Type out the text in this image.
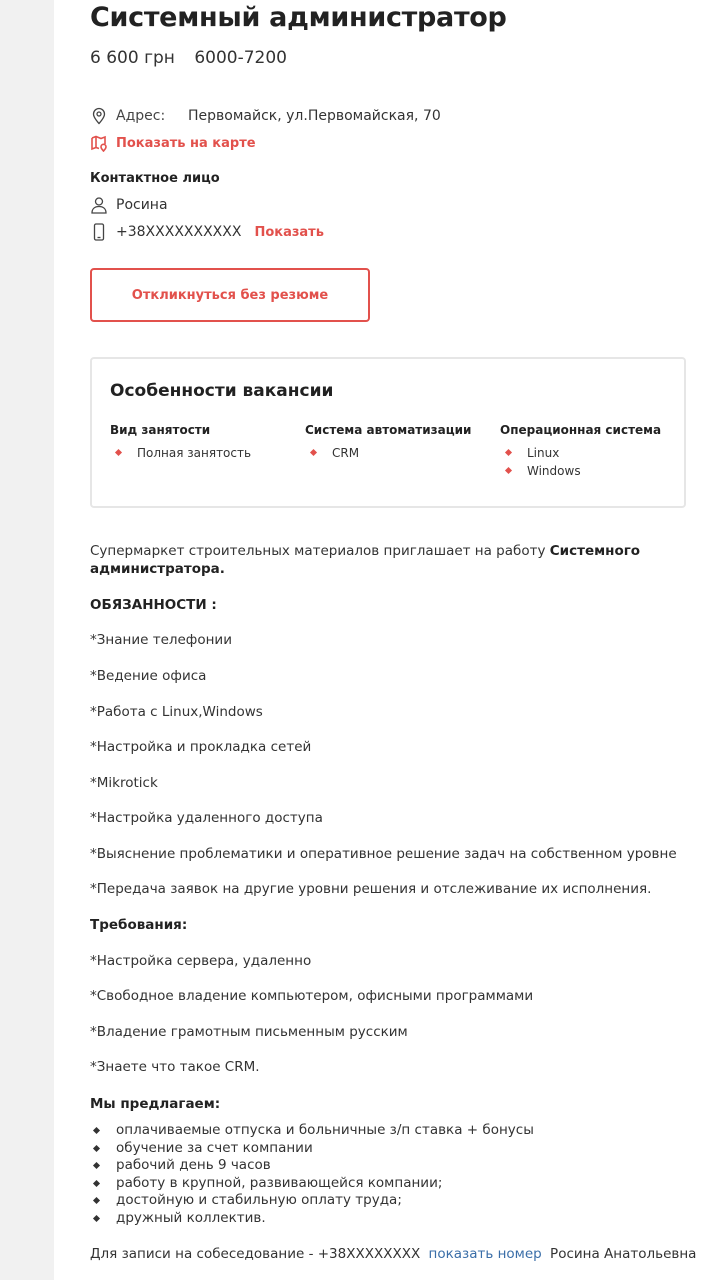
Системный администратор
6 600 грн 6000-7200
Адрес:	Первомайск, ул.Первомайская, 70
Показать на карте
Контактное лицо
Росина
+38XXXXXXXXXX Показать
Откликнуться без резюме
Особенности вакансии
Вид занятости
Полная занятость
Система автоматизации
CRM
Операционная система
Linux
Windows

Супермаркет строительных материалов приглашает на работу Системного

администратора.

ОБЯЗАННОСТИ :

*Знание телефонии

*Ведение офиса

*Работа с Linux,Windows

*Настройка и прокладка сетей

*Mikrotick

*Настройка удаленного доступа

*Выяснение проблематики и оперативное решение задач на собственном уровне

*Передача заявок на другие уровни решения и отслеживание их исполнения.

Требования:

*Настройка сервера, удаленно

*Свободное владение компьютером, офисными программами

*Владение грамотным письменным русским

*Знаете что такое CRM.

Мы предлагаем:

оплачиваемые отпуска и больничные з/п ставка + бонусы
обучение за счет компании
рабочий день 9 часов
работу в крупной, развивающейся компании;
достойную и стабильную оплату труда;
дружный коллектив.

Для записи на собеседование - +38XXXXXXXX показать номер Росина Анатольевна
